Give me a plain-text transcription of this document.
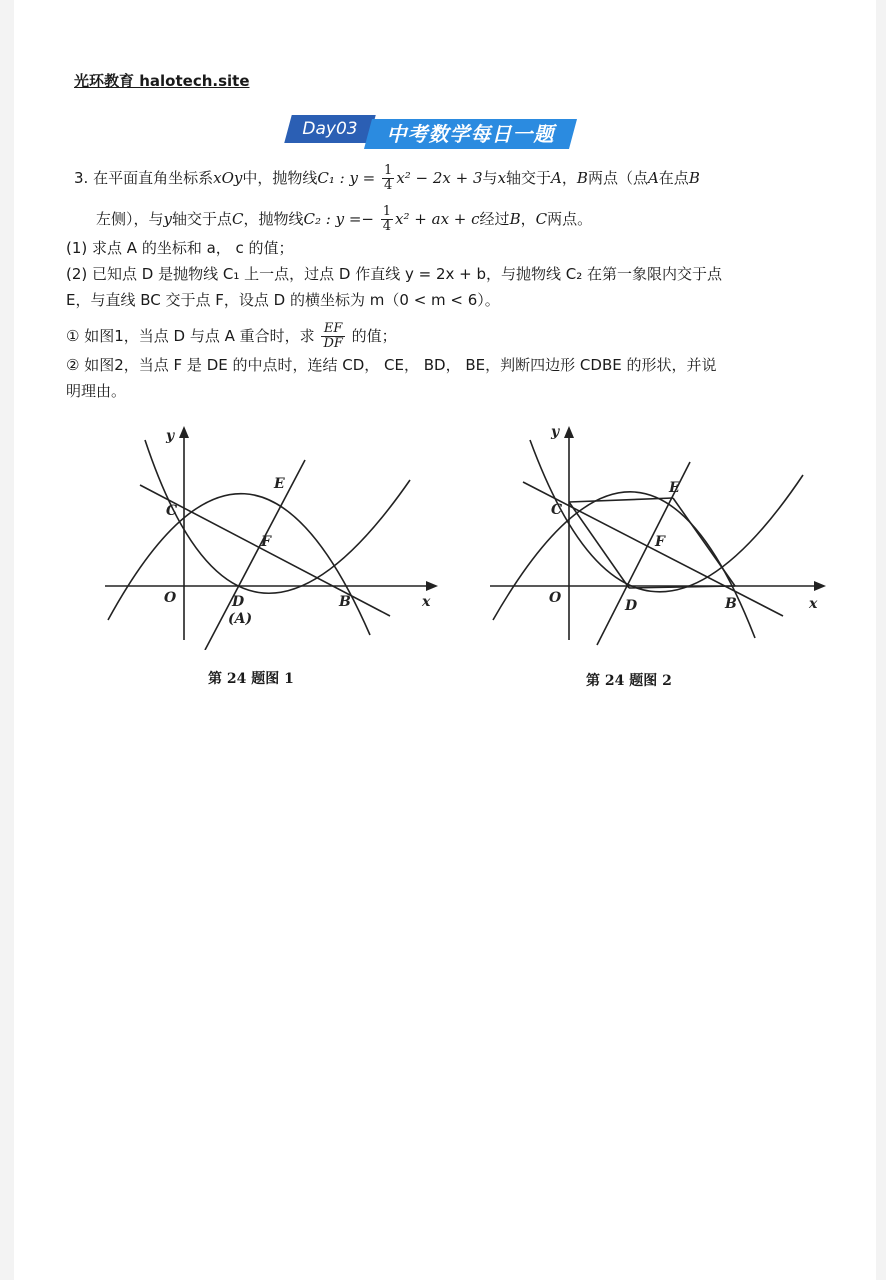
光环教育 halotech.site
Day03	中考数学每日一题
3. 在平面直角坐标系xOy中，抛物线C₁ : $y = \frac{1}{4} x^2 - 2x + 3$与x轴交于A，B两点（点A在点B
左侧），与y轴交于点C，抛物线C₂ : $y =- \frac{1}{4} x^2$ + ax + c经过B，C两点。
(1) 求点 A 的坐标和 a， c 的值；
(2) 已知点 D 是抛物线 C₁ 上一点，过点 D 作直线 y = 2x + b，与抛物线 C₂ 在第一象限内交于点
E，与直线 BC 交于点 F，设点 D 的横坐标为 m（0 < m < 6）。
① 如图1，当点 D 与点 A 重合时，求 $\frac{EF}{DF}$ 的值；
② 如图2，当点 F 是 DE 的中点时，连结 CD， CE， BD， BE，判断四边形 CDBE 的形状，并说
明理由。
y
x
O
C
E
F
D
(A)
B
第 24 题图 1
y
x
O
C
E
F
D	B
第 24 题图 2
